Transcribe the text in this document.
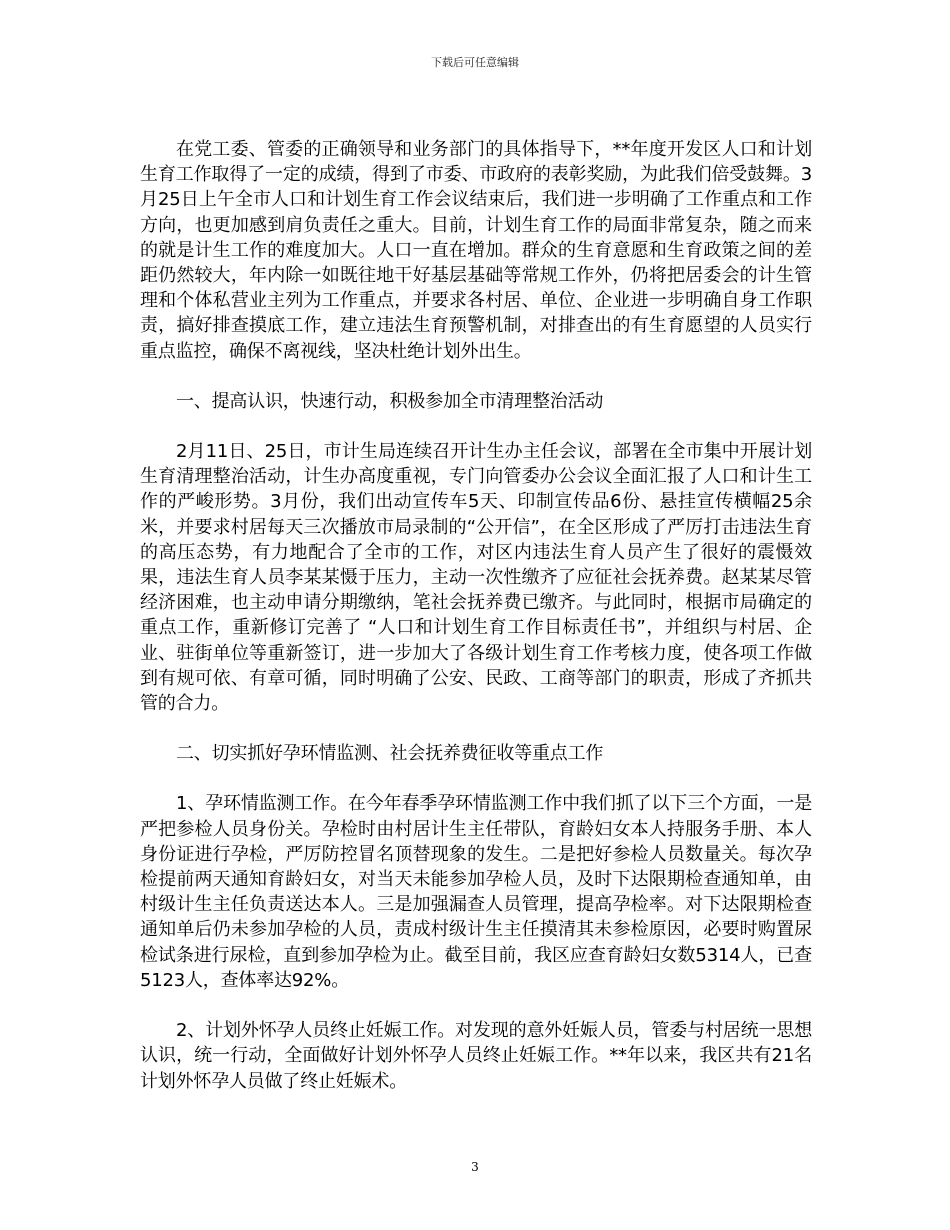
下载后可任意编辑

在党工委、管委的正确领导和业务部门的具体指导下，**年度开发区人口和计划生育工作取得了一定的成绩，得到了市委、市政府的表彰奖励，为此我们倍受鼓舞。3月25日上午全市人口和计划生育工作会议结束后，我们进一步明确了工作重点和工作方向，也更加感到肩负责任之重大。目前，计划生育工作的局面非常复杂，随之而来的就是计生工作的难度加大。人口一直在增加。群众的生育意愿和生育政策之间的差距仍然较大，年内除一如既往地干好基层基础等常规工作外，仍将把居委会的计生管理和个体私营业主列为工作重点，并要求各村居、单位、企业进一步明确自身工作职责，搞好排查摸底工作，建立违法生育预警机制，对排查出的有生育愿望的人员实行重点监控，确保不离视线，坚决杜绝计划外出生。

一、提高认识，快速行动，积极参加全市清理整治活动

2月11日、25日，市计生局连续召开计生办主任会议，部署在全市集中开展计划生育清理整治活动，计生办高度重视，专门向管委办公会议全面汇报了人口和计生工作的严峻形势。3月份，我们出动宣传车5天、印制宣传品6份、悬挂宣传横幅25余米，并要求村居每天三次播放市局录制的“公开信”，在全区形成了严厉打击违法生育的高压态势，有力地配合了全市的工作，对区内违法生育人员产生了很好的震慑效果，违法生育人员李某某慑于压力，主动一次性缴齐了应征社会抚养费。赵某某尽管经济困难，也主动申请分期缴纳，笔社会抚养费已缴齐。与此同时，根据市局确定的重点工作，重新修订完善了 “人口和计划生育工作目标责任书”，并组织与村居、企业、驻街单位等重新签订，进一步加大了各级计划生育工作考核力度，使各项工作做到有规可依、有章可循，同时明确了公安、民政、工商等部门的职责，形成了齐抓共管的合力。

二、切实抓好孕环情监测、社会抚养费征收等重点工作

1、孕环情监测工作。在今年春季孕环情监测工作中我们抓了以下三个方面，一是严把参检人员身份关。孕检时由村居计生主任带队，育龄妇女本人持服务手册、本人身份证进行孕检，严厉防控冒名顶替现象的发生。二是把好参检人员数量关。每次孕检提前两天通知育龄妇女，对当天未能参加孕检人员，及时下达限期检查通知单，由村级计生主任负责送达本人。三是加强漏查人员管理，提高孕检率。对下达限期检查通知单后仍未参加孕检的人员，责成村级计生主任摸清其未参检原因，必要时购置尿检试条进行尿检，直到参加孕检为止。截至目前，我区应查育龄妇女数5314人，已查5123人，查体率达92%。

2、计划外怀孕人员终止妊娠工作。对发现的意外妊娠人员，管委与村居统一思想认识，统一行动，全面做好计划外怀孕人员终止妊娠工作。**年以来，我区共有21名计划外怀孕人员做了终止妊娠术。

3
